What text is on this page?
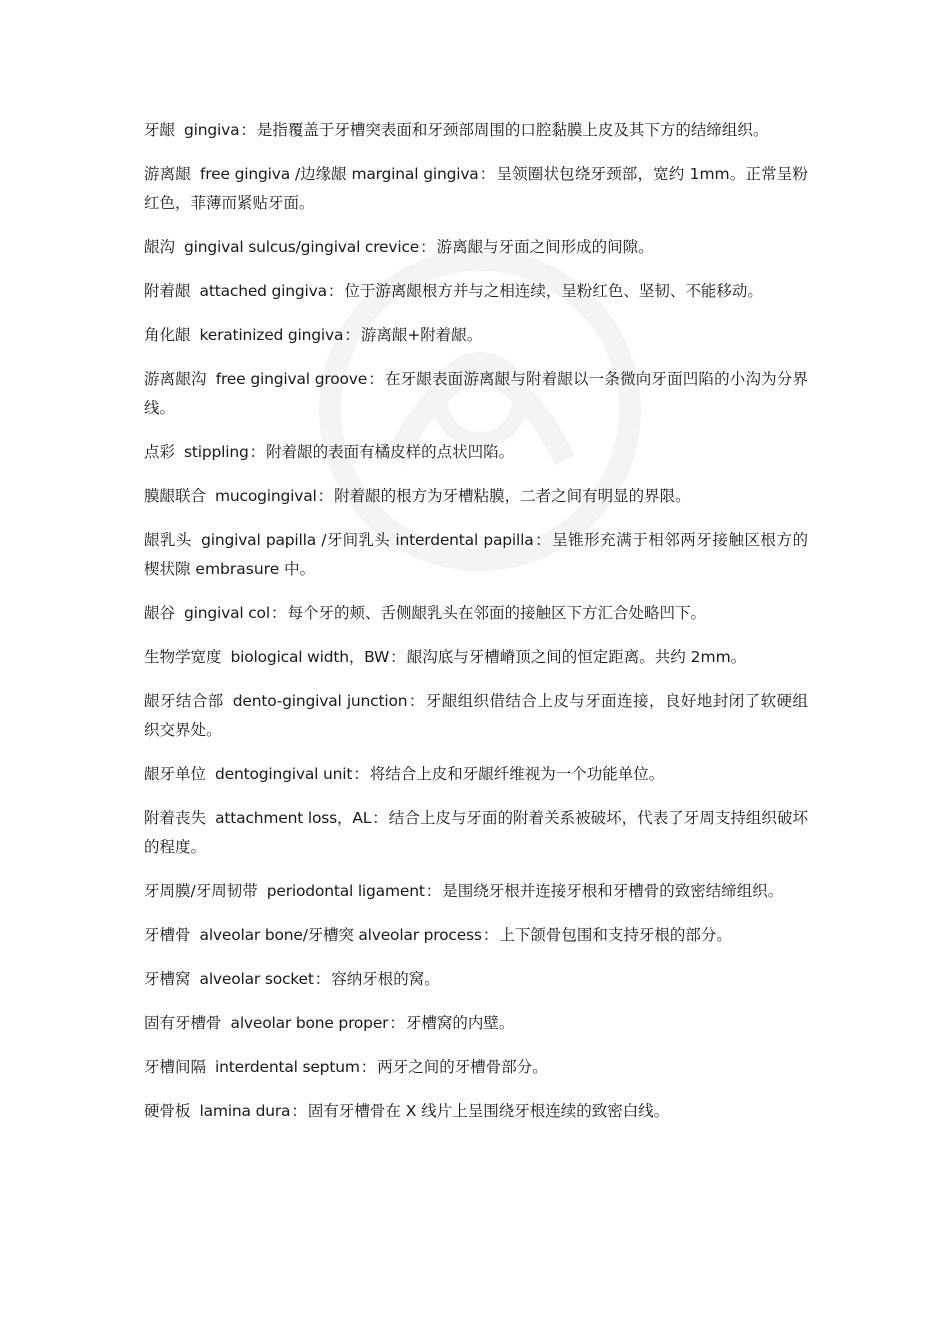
牙龈 gingiva：是指覆盖于牙槽突表面和牙颈部周围的口腔黏膜上皮及其下方的结缔组织。

游离龈 free gingiva /边缘龈 marginal gingiva：呈领圈状包绕牙颈部，宽约 1mm。正常呈粉红色，菲薄而紧贴牙面。

龈沟 gingival sulcus/gingival crevice：游离龈与牙面之间形成的间隙。

附着龈 attached gingiva：位于游离龈根方并与之相连续，呈粉红色、坚韧、不能移动。

角化龈 keratinized gingiva：游离龈+附着龈。

游离龈沟 free gingival groove：在牙龈表面游离龈与附着龈以一条微向牙面凹陷的小沟为分界线。

点彩 stippling：附着龈的表面有橘皮样的点状凹陷。

膜龈联合 mucogingival：附着龈的根方为牙槽粘膜，二者之间有明显的界限。

龈乳头 gingival papilla /牙间乳头 interdental papilla：呈锥形充满于相邻两牙接触区根方的楔状隙 embrasure 中。

龈谷 gingival col：每个牙的颊、舌侧龈乳头在邻面的接触区下方汇合处略凹下。

生物学宽度 biological width，BW：龈沟底与牙槽嵴顶之间的恒定距离。共约 2mm。

龈牙结合部 dento-gingival junction：牙龈组织借结合上皮与牙面连接，良好地封闭了软硬组织交界处。

龈牙单位 dentogingival unit：将结合上皮和牙龈纤维视为一个功能单位。

附着丧失 attachment loss，AL：结合上皮与牙面的附着关系被破坏，代表了牙周支持组织破坏的程度。

牙周膜/牙周韧带 periodontal ligament：是围绕牙根并连接牙根和牙槽骨的致密结缔组织。

牙槽骨 alveolar bone/牙槽突 alveolar process：上下颌骨包围和支持牙根的部分。

牙槽窝 alveolar socket：容纳牙根的窝。

固有牙槽骨 alveolar bone proper：牙槽窝的内壁。

牙槽间隔 interdental septum：两牙之间的牙槽骨部分。

硬骨板 lamina dura：固有牙槽骨在 X 线片上呈围绕牙根连续的致密白线。
